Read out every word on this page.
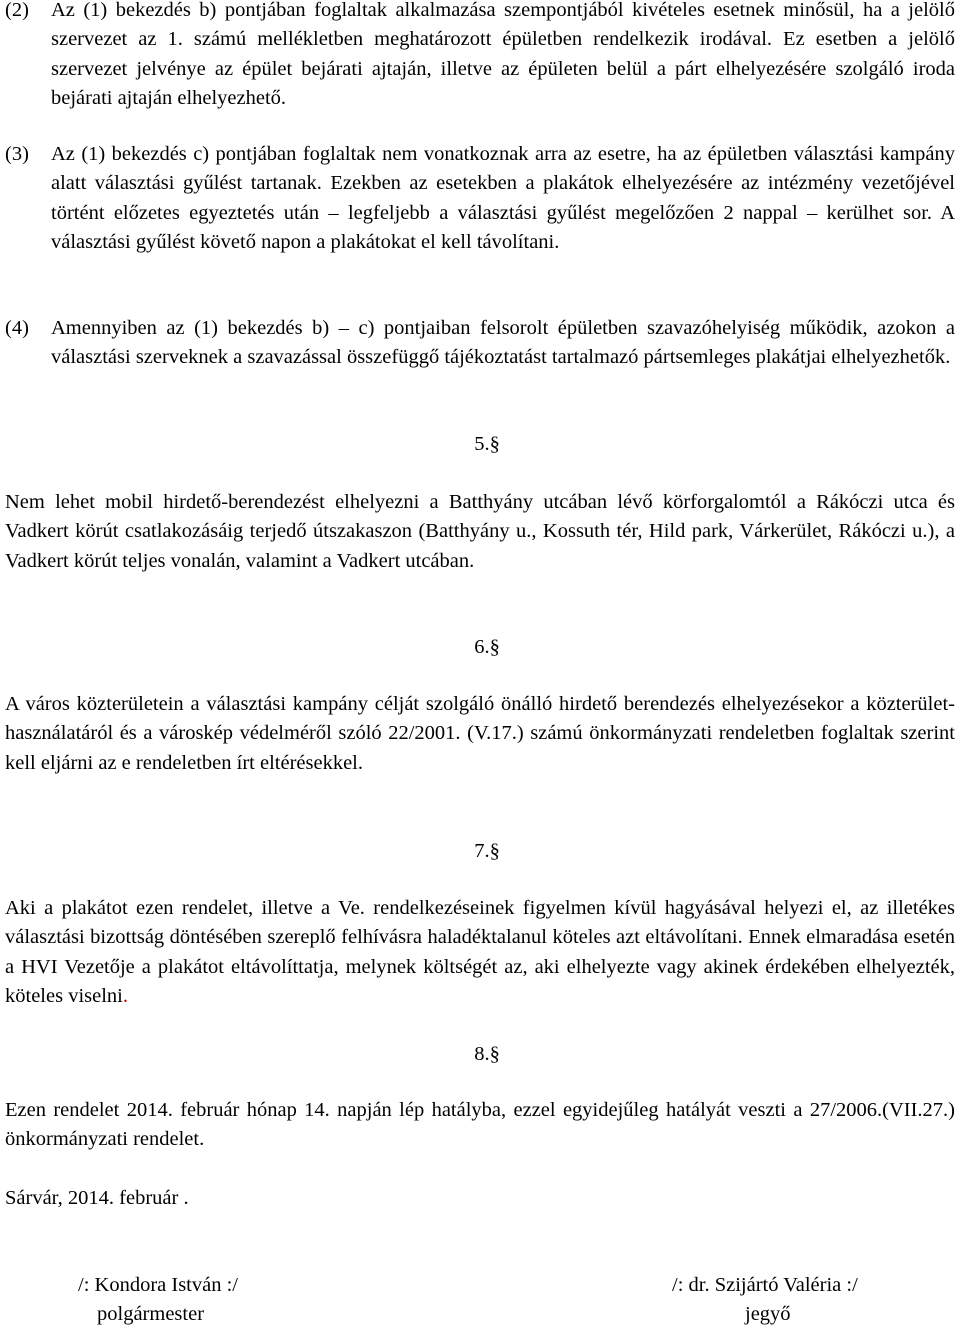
(2)	Az (1) bekezdés b) pontjában foglaltak alkalmazása szempontjából kivételes esetnek minősül, ha a jelölő szervezet az 1. számú mellékletben meghatározott épületben rendelkezik irodával. Ez esetben a jelölő szervezet jelvénye az épület bejárati ajtaján, illetve az épületen belül a párt elhelyezésére szolgáló iroda bejárati ajtaján elhelyezhető.

(3)	Az (1) bekezdés c) pontjában foglaltak nem vonatkoznak arra az esetre, ha az épületben választási kampány alatt választási gyűlést tartanak. Ezekben az esetekben a plakátok elhelyezésére az intézmény vezetőjével történt előzetes egyeztetés után – legfeljebb a választási gyűlést megelőzően 2 nappal – kerülhet sor. A választási gyűlést követő napon a plakátokat el kell távolítani.

(4)	Amennyiben az (1) bekezdés b) – c) pontjaiban felsorolt épületben szavazóhelyiség működik, azokon a választási szerveknek a szavazással összefüggő tájékoztatást tartalmazó pártsemleges plakátjai elhelyezhetők.

5.§

Nem lehet mobil hirdető-berendezést elhelyezni a Batthyány utcában lévő körforgalomtól a Rákóczi utca és Vadkert körút csatlakozásáig terjedő útszakaszon (Batthyány u., Kossuth tér, Hild park, Várkerület, Rákóczi u.), a Vadkert körút teljes vonalán, valamint a Vadkert utcában.

6.§

A város közterületein a választási kampány célját szolgáló önálló hirdető berendezés elhelyezésekor a közterület-használatáról és a városkép védelméről szóló 22/2001. (V.17.) számú önkormányzati rendeletben foglaltak szerint kell eljárni az e rendeletben írt eltérésekkel.

7.§

Aki a plakátot ezen rendelet, illetve a Ve. rendelkezéseinek figyelmen kívül hagyásával helyezi el, az illetékes választási bizottság döntésében szereplő felhívásra haladéktalanul köteles azt eltávolítani. Ennek elmaradása esetén a HVI Vezetője a plakátot eltávolíttatja, melynek költségét az, aki elhelyezte vagy akinek érdekében elhelyezték, köteles viselni.

8.§

Ezen rendelet 2014. február hónap 14. napján lép hatályba, ezzel egyidejűleg hatályát veszti a 27/2006.(VII.27.) önkormányzati rendelet.

Sárvár, 2014. február .

/: Kondora István :/
polgármester
/: dr. Szijártó Valéria :/
jegyő
